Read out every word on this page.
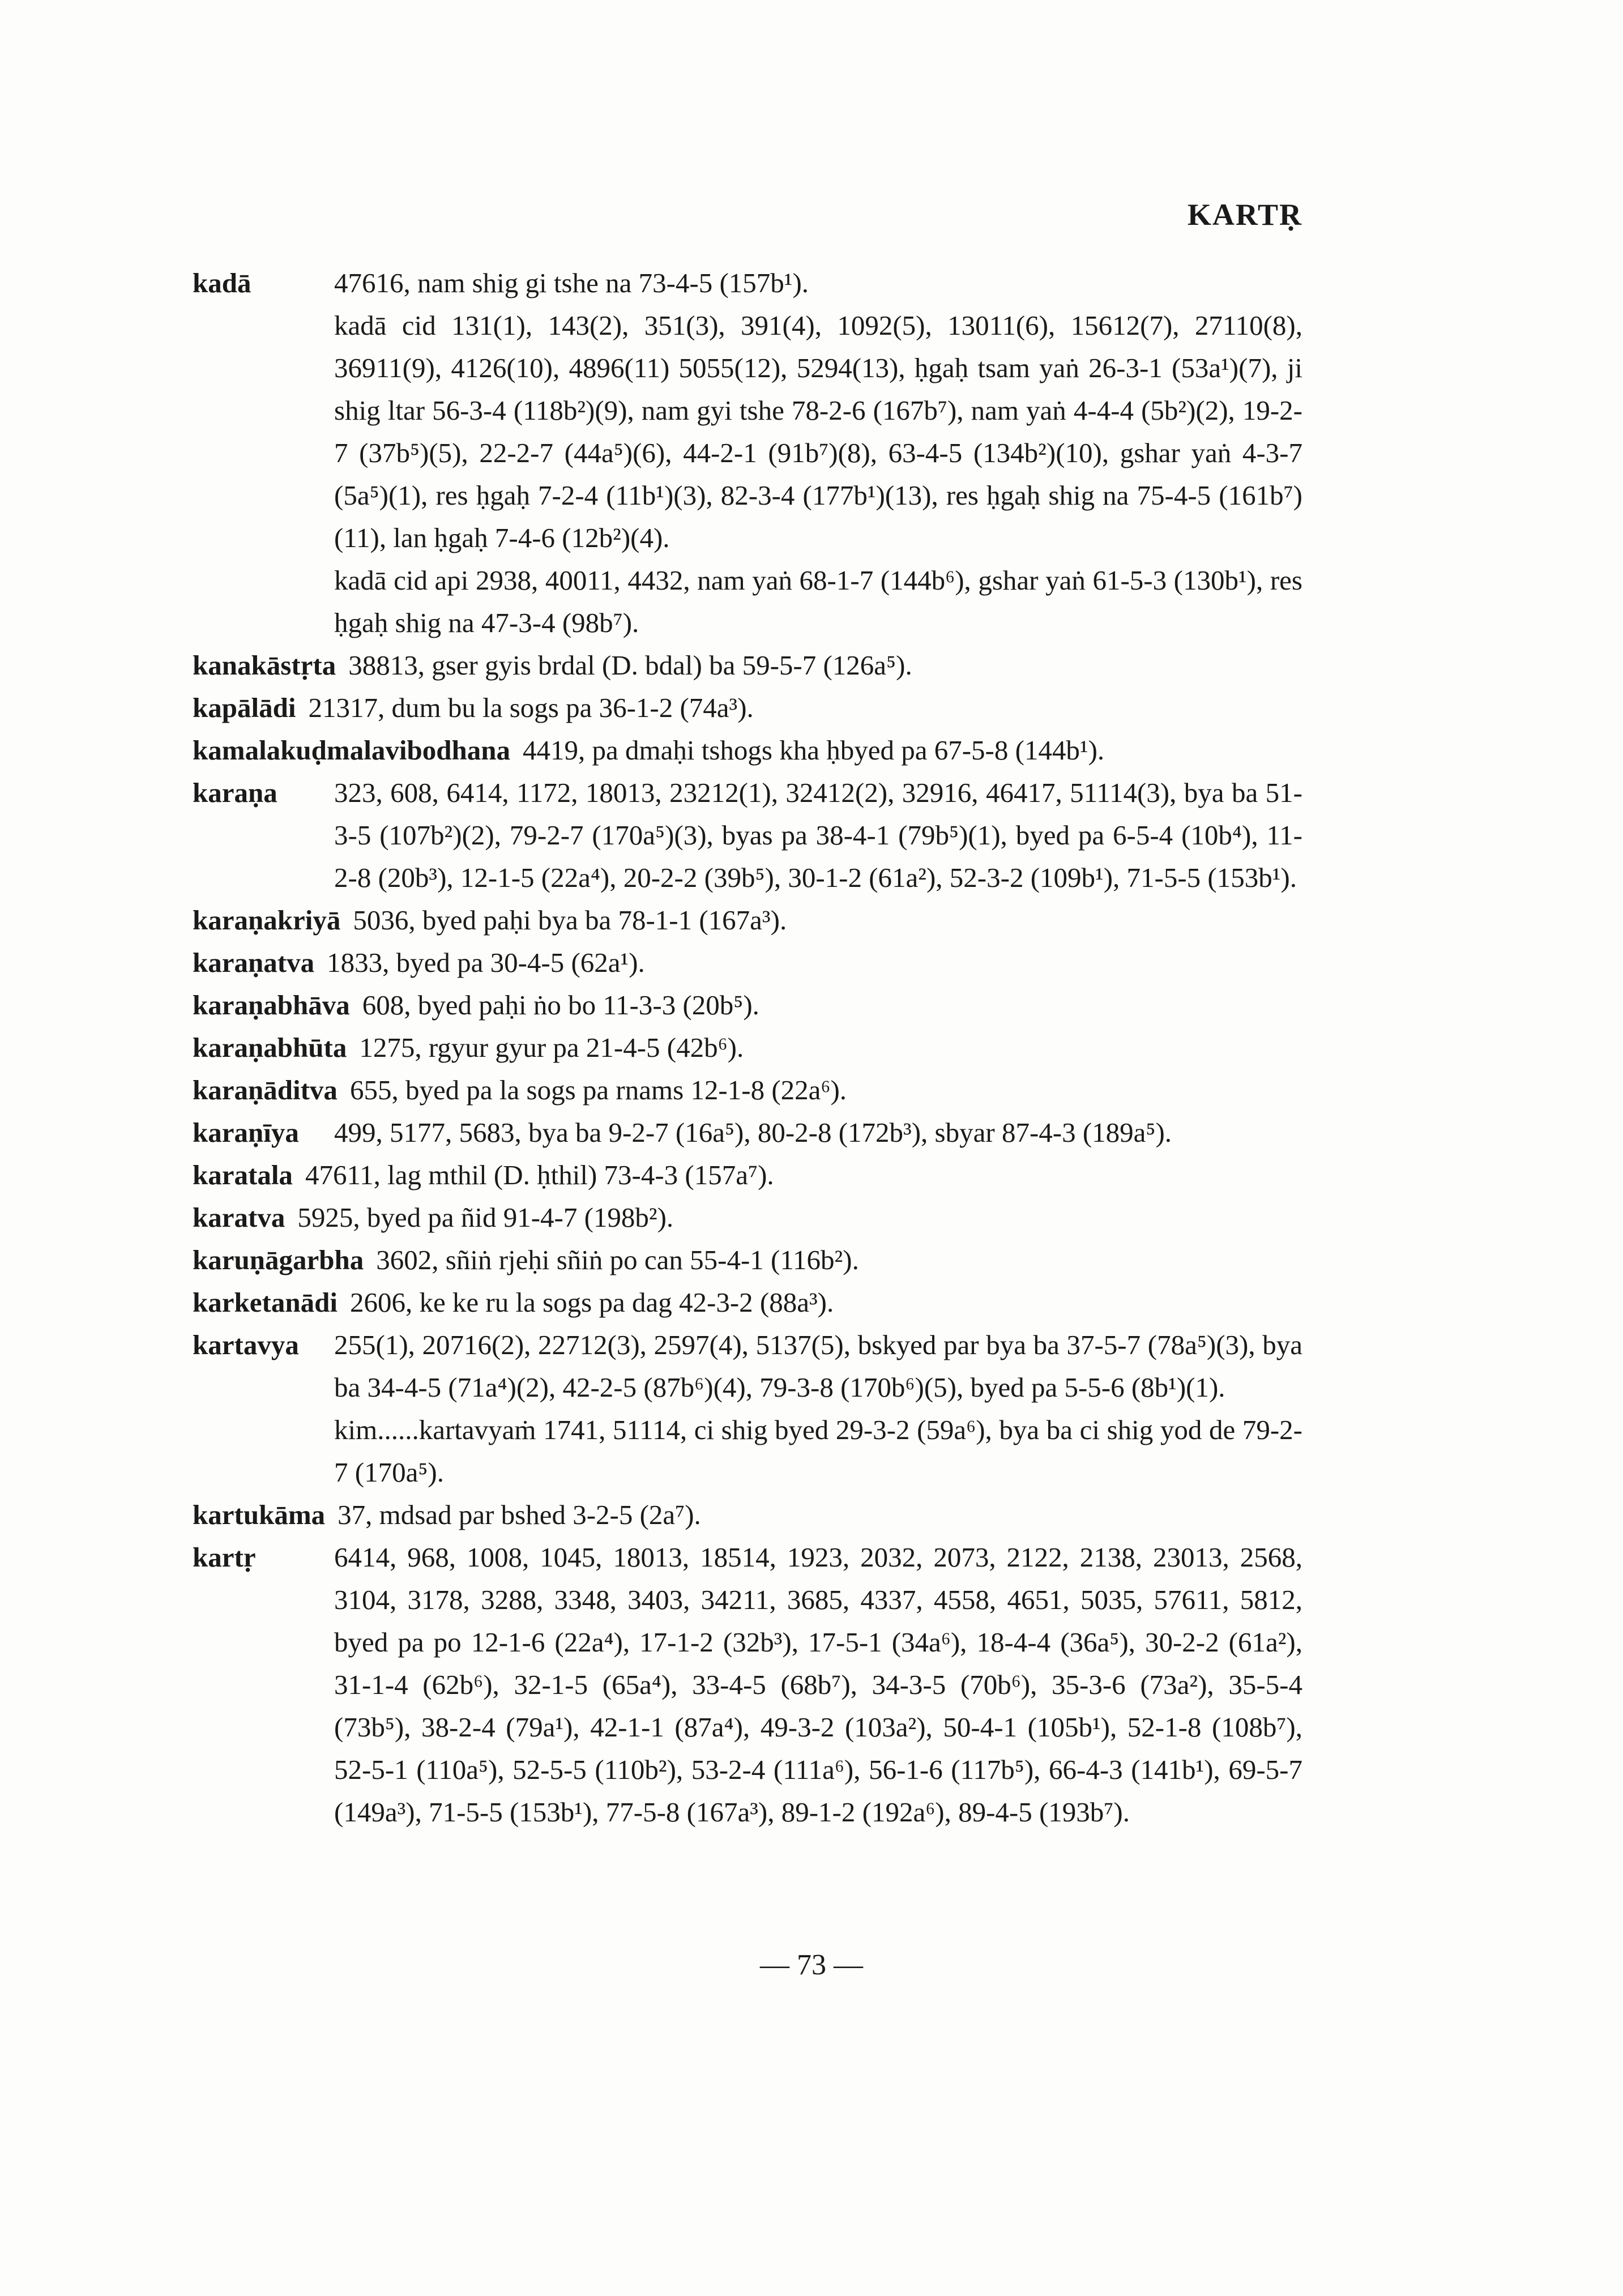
KARTṚ
kadā	47616, nam shig gi tshe na 73-4-5 (157b¹).
kadā cid 131(1), 143(2), 351(3), 391(4), 1092(5), 13011(6), 15612(7), 27110(8), 36911(9), 4126(10), 4896(11) 5055(12), 5294(13), ḥgaḥ tsam yaṅ 26-3-1 (53a¹)(7), ji shig ltar 56-3-4 (118b²)(9), nam gyi tshe 78-2-6 (167b⁷), nam yaṅ 4-4-4 (5b²)(2), 19-2-7 (37b⁵)(5), 22-2-7 (44a⁵)(6), 44-2-1 (91b⁷)(8), 63-4-5 (134b²)(10), gshar yaṅ 4-3-7 (5a⁵)(1), res ḥgaḥ 7-2-4 (11b¹)(3), 82-3-4 (177b¹)(13), res ḥgaḥ shig na 75-4-5 (161b⁷)(11), lan ḥgaḥ 7-4-6 (12b²)(4).
kadā cid api 2938, 40011, 4432, nam yaṅ 68-1-7 (144b⁶), gshar yaṅ 61-5-3 (130b¹), res ḥgaḥ shig na 47-3-4 (98b⁷).
kanakāstṛta 38813, gser gyis brdal (D. bdal) ba 59-5-7 (126a⁵).
kapālādi 21317, dum bu la sogs pa 36-1-2 (74a³).
kamalakuḍmalavibodhana 4419, pa dmaḥi tshogs kha ḥbyed pa 67-5-8 (144b¹).
karaṇa 323, 608, 6414, 1172, 18013, 23212(1), 32412(2), 32916, 46417, 51114(3), bya ba 51-3-5 (107b²)(2), 79-2-7 (170a⁵)(3), byas pa 38-4-1 (79b⁵)(1), byed pa 6-5-4 (10b⁴), 11-2-8 (20b³), 12-1-5 (22a⁴), 20-2-2 (39b⁵), 30-1-2 (61a²), 52-3-2 (109b¹), 71-5-5 (153b¹).
karaṇakriyā 5036, byed paḥi bya ba 78-1-1 (167a³).
karaṇatva 1833, byed pa 30-4-5 (62a¹).
karaṇabhāva 608, byed paḥi ṅo bo 11-3-3 (20b⁵).
karaṇabhūta 1275, rgyur gyur pa 21-4-5 (42b⁶).
karaṇāditva 655, byed pa la sogs pa rnams 12-1-8 (22a⁶).
karaṇīya 499, 5177, 5683, bya ba 9-2-7 (16a⁵), 80-2-8 (172b³), sbyar 87-4-3 (189a⁵).
karatala 47611, lag mthil (D. ḥthil) 73-4-3 (157a⁷).
karatva 5925, byed pa ñid 91-4-7 (198b²).
karuṇāgarbha 3602, sñiṅ rjeḥi sñiṅ po can 55-4-1 (116b²).
karketanādi 2606, ke ke ru la sogs pa dag 42-3-2 (88a³).
kartavya 255(1), 20716(2), 22712(3), 2597(4), 5137(5), bskyed par bya ba 37-5-7 (78a⁵)(3), bya ba 34-4-5 (71a⁴)(2), 42-2-5 (87b⁶)(4), 79-3-8 (170b⁶)(5), byed pa 5-5-6 (8b¹)(1).
kim......kartavyaṁ 1741, 51114, ci shig byed 29-3-2 (59a⁶), bya ba ci shig yod de 79-2-7 (170a⁵).
kartukāma 37, mdsad par bshed 3-2-5 (2a⁷).
kartṛ	6414, 968, 1008, 1045, 18013, 18514, 1923, 2032, 2073, 2122, 2138, 23013, 2568, 3104, 3178, 3288, 3348, 3403, 34211, 3685, 4337, 4558, 4651, 5035, 57611, 5812, byed pa po 12-1-6 (22a⁴), 17-1-2 (32b³), 17-5-1 (34a⁶), 18-4-4 (36a⁵), 30-2-2 (61a²), 31-1-4 (62b⁶), 32-1-5 (65a⁴), 33-4-5 (68b⁷), 34-3-5 (70b⁶), 35-3-6 (73a²), 35-5-4 (73b⁵), 38-2-4 (79a¹), 42-1-1 (87a⁴), 49-3-2 (103a²), 50-4-1 (105b¹), 52-1-8 (108b⁷), 52-5-1 (110a⁵), 52-5-5 (110b²), 53-2-4 (111a⁶), 56-1-6 (117b⁵), 66-4-3 (141b¹), 69-5-7 (149a³), 71-5-5 (153b¹), 77-5-8 (167a³), 89-1-2 (192a⁶), 89-4-5 (193b⁷).
— 73 —
